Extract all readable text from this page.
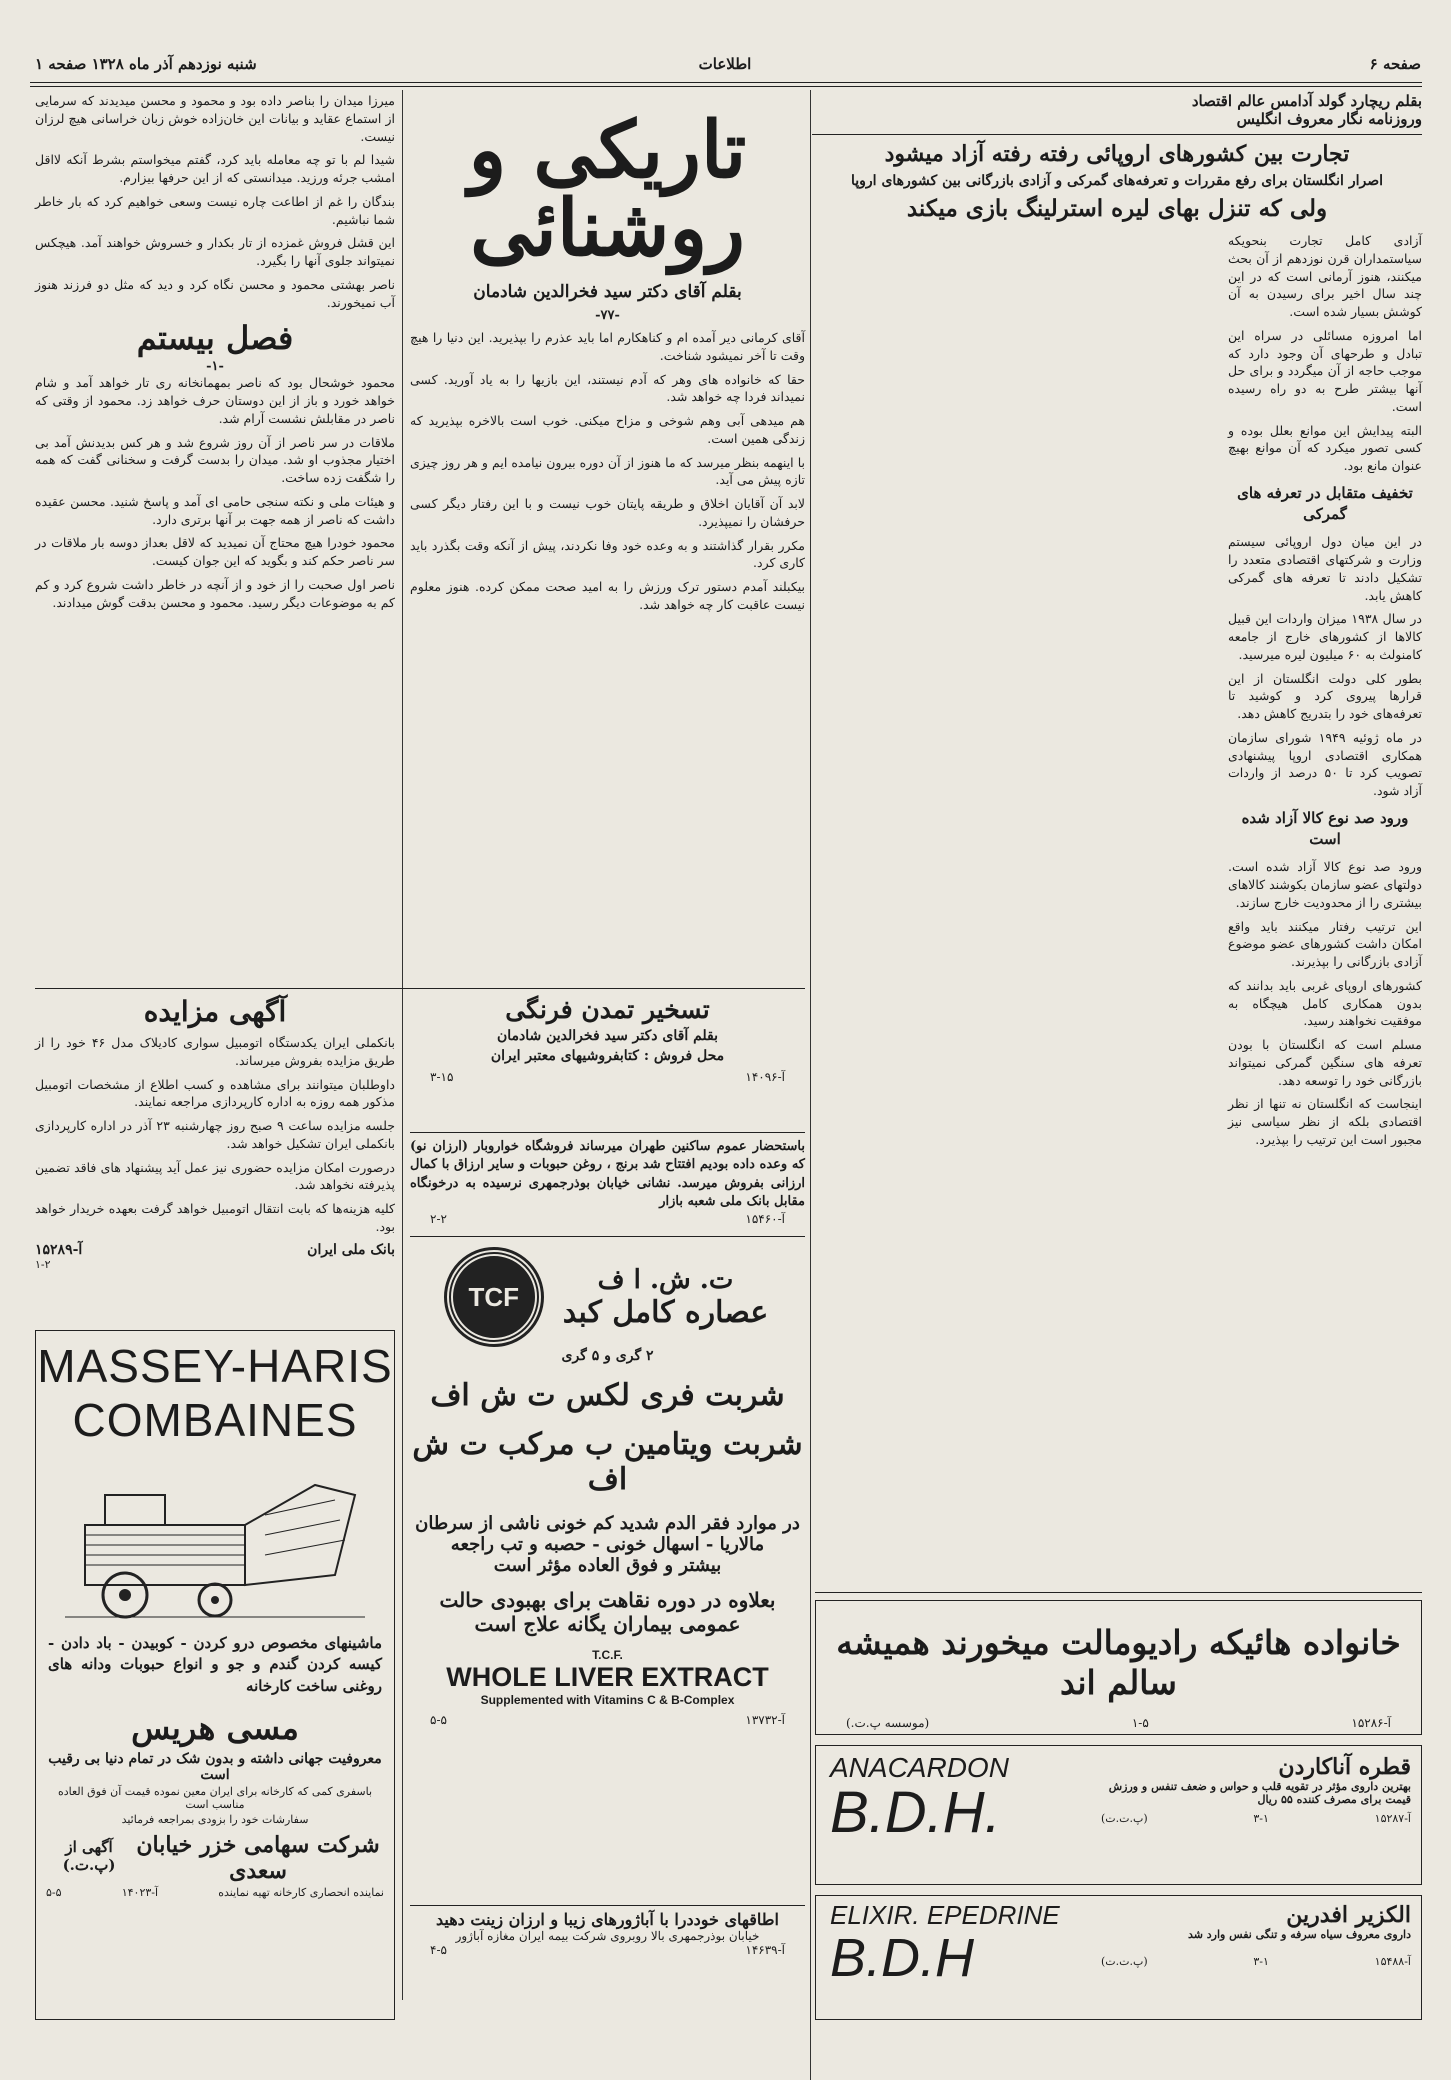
صفحه ۶
اطلاعات
شنبه نوزدهم آذر ماه ۱۳۲۸ صفحه ۱
بقلم ریچارد گولد آدامس عالم اقتصاد
وروزنامه نگار معروف انگلیس
تجارت بین کشورهای اروپائی رفته رفته آزاد میشود
اصرار انگلستان برای رفع مقررات و تعرفه‌های گمرکی و آزادی بازرگانی بین کشورهای اروپا
ولی که تنزل بهای لیره استرلینگ بازی میکند

آزادی کامل تجارت بنحویکه سیاستمداران قرن نوزدهم از آن بحث میکنند، هنوز آرمانی است که در این چند سال اخیر برای رسیدن به آن کوشش بسیار شده است.

اما امروزه مسائلی در سراه این تبادل و طرحهای آن وجود دارد که موجب حاجه از آن میگردد و برای حل آنها بیشتر طرح به دو راه رسیده است.

البته پیدایش این موانع بعلل بوده و کسی تصور میکرد که آن موانع بهیچ عنوان مانع بود.

تخفیف متقابل در تعرفه های گمرکی

در این میان دول اروپائی سیستم وزارت و شرکتهای اقتصادی متعدد را تشکیل دادند تا تعرفه های گمرکی کاهش یابد.

در سال ۱۹۳۸ میزان واردات این قبیل کالاها از کشورهای خارج از جامعه کامنولث به ۶۰ میلیون لیره میرسید.

بطور کلی دولت انگلستان از این قرارها پیروی کرد و کوشید تا تعرفه‌های خود را بتدریج کاهش دهد.

در ماه ژوئیه ۱۹۴۹ شورای سازمان همکاری اقتصادی اروپا پیشنهادی تصویب کرد تا ۵۰ درصد از واردات آزاد شود.

ورود صد نوع کالا آزاد شده است

ورود صد نوع کالا آزاد شده است. دولتهای عضو سازمان بکوشند کالاهای بیشتری را از محدودیت خارج سازند.

این ترتیب رفتار میکنند باید واقع امکان داشت کشورهای عضو موضوع آزادی بازرگانی را بپذیرند.

کشورهای اروپای غربی باید بدانند که بدون همکاری کامل هیچگاه به موفقیت نخواهند رسید.

مسلم است که انگلستان با بودن تعرفه های سنگین گمرکی نمیتواند بازرگانی خود را توسعه دهد.

اینجاست که انگلستان نه تنها از نظر اقتصادی بلکه از نظر سیاسی نیز مجبور است این ترتیب را بپذیرد.

تاریکی و روشنائی
بقلم آقای دکتر سید فخرالدین شادمان
-۷۷-

آقای کرمانی دیر آمده ام و کناهکارم اما باید عذرم را بپذیرید. این دنیا را هیچ وقت تا آخر نمیشود شناخت.

حقا که خانواده های وهر که آدم نیستند، این بازیها را به یاد آورید. کسی نمیداند فردا چه خواهد شد.

هم میدهی آبی وهم شوخی و مزاح میکنی. خوب است بالاخره بپذیرید که زندگی همین است.

با اینهمه بنظر میرسد که ما هنوز از آن دوره بیرون نیامده ایم و هر روز چیزی تازه پیش می آید.

لابد آن آقایان اخلاق و طریقه پایتان خوب نیست و با این رفتار دیگر کسی حرفشان را نمیپذیرد.

مکرر بقرار گذاشتند و به وعده خود وفا نکردند، پیش از آنکه وقت بگذرد باید کاری کرد.

بیکبلند آمدم دستور ترک ورزش را به امید صحت ممکن کرده. هنوز معلوم نیست عاقبت کار چه خواهد شد.

میرزا میدان را بناصر داده بود و محمود و محسن میدیدند که سرمایی از استماع عقاید و بیانات این خان‌زاده خوش زبان خراسانی هیچ لرزان نیست.

شیدا لم با تو چه معامله باید کرد، گفتم میخواستم بشرط آنکه لااقل امشب جرئه ورزید. میدانستی که از این حرفها بیزارم.

بندگان را غم از اطاعت چاره نیست وسعی خواهیم کرد که بار خاطر شما نباشیم.

این قشل فروش غمزده از تار بکدار و خسروش خواهند آمد. هیچکس نمیتواند جلوی آنها را بگیرد.

ناصر بهشتی محمود و محسن نگاه کرد و دید که مثل دو فرزند هنوز آب نمیخورند.

فصل بیستم
-۱-

محمود خوشحال بود که ناصر بمهمانخانه ری تار خواهد آمد و شام خواهد خورد و باز از این دوستان حرف خواهد زد. محمود از وقتی که ناصر در مقابلش نشست آرام شد.

ملاقات در سر ناصر از آن روز شروع شد و هر کس بدیدنش آمد بی اختیار مجذوب او شد. میدان را بدست گرفت و سخنانی گفت که همه را شگفت زده ساخت.

و هیئات ملی و نکته سنجی حامی ای آمد و پاسخ شنید. محسن عقیده داشت که ناصر از همه جهت بر آنها برتری دارد.

محمود خودرا هیچ محتاج آن نمیدید که لاقل بعداز دوسه بار ملاقات در سر ناصر حکم کند و بگوید که این جوان کیست.

ناصر اول صحبت را از خود و از آنچه در خاطر داشت شروع کرد و کم کم به موضوعات دیگر رسید. محمود و محسن بدقت گوش میدادند.

آگهی مزایده

بانکملی ایران یکدستگاه اتومبیل سواری کادیلاک مدل ۴۶ خود را از طریق مزایده بفروش میرساند.

داوطلبان میتوانند برای مشاهده و کسب اطلاع از مشخصات اتومبیل مذکور همه روزه به اداره کارپردازی مراجعه نمایند.

جلسه مزایده ساعت ۹ صبح روز چهارشنبه ۲۳ آذر در اداره کارپردازی بانکملی ایران تشکیل خواهد شد.

درصورت امکان مزایده حضوری نیز عمل آید پیشنهاد های فاقد تضمین پذیرفته نخواهد شد.

کلیه هزینه‌ها که بابت انتقال اتومبیل خواهد گرفت بعهده خریدار خواهد بود.

بانک ملی ایران
آ-۱۵۲۸۹
۱-۲
تسخیر تمدن فرنگی
بقلم آقای دکتر سید فخرالدین شادمان
محل فروش : کتابفروشیهای معتبر ایران
آ-۱۴۰۹۶
۳-۱۵
باستحضار عموم ساکنین طهران میرساند فروشگاه خواروبار (ارزان نو) که وعده داده بودیم افتتاح شد برنج ، روغن حبوبات و سایر ارزاق با کمال ارزانی بفروش میرسد. نشانی خیابان بوذرجمهری نرسیده به درخونگاه مقابل بانک ملی شعبه بازار
آ-۱۵۴۶۰
۲-۲
ت. ش. ا ف
عصاره کامل کبد
TCF
۲ گری و ۵ گری
شربت فری لکس ت ش اف
شربت ویتامین ب مرکب ت ش اف
در موارد فقر الدم شدید کم خونی ناشی از سرطان
مالاریا - اسهال خونی - حصبه و تب راجعه
بیشتر و فوق العاده مؤثر است
بعلاوه در دوره نقاهت برای بهبودی حالت
عمومی بیماران یگانه علاج است
T.C.F.
WHOLE LIVER EXTRACT
Supplemented with Vitamins C & B-Complex
آ-۱۳۷۳۲
۵-۵
اطاقهای خوددرا با آباژورهای زیبا و ارزان زینت دهید
خیابان بوذرجمهری بالا روبروی شرکت بیمه ایران مغازه آباژور
آ-۱۴۶۳۹
۴-۵
MASSEY-HARIS
COMBAINES
ماشینهای مخصوص درو کردن - کوبیدن - باد دادن - کیسه کردن گندم و جو و انواع حبوبات ودانه های روغنی ساخت کارخانه
مسی هریس
معروفیت جهانی داشته و بدون شک در تمام دنیا بی رقیب است
باسفری کمی که کارخانه برای ایران معین نموده قیمت آن فوق العاده مناسب است
سفارشات خود را بزودی بمراجعه فرمائید
شرکت سهامی خزر خیابان سعدی
آگهی از (پ.ت.)
نماینده انحصاری کارخانه تهیه نماینده
آ-۱۴۰۲۳
۵-۵
خانواده هائیکه رادیومالت میخورند همیشه سالم اند
آ-۱۵۲۸۶
۱-۵
(موسسه پ.ت.)
قطره آناکاردن
بهترین داروی مؤثر در تقویه قلب و حواس و ضعف تنفس و ورزش
قیمت برای مصرف کننده ۵۵ ریال
آ-۱۵۲۸۷
۳-۱
(پ.ت.ت)
ANACARDON
B.D.H.
الکزیر افدرین
داروی معروف سیاه سرفه و تنگی نفس وارد شد
آ-۱۵۴۸۸
۳-۱
(پ.ت.ت)
ELIXIR. EPEDRINE
B.D.H
